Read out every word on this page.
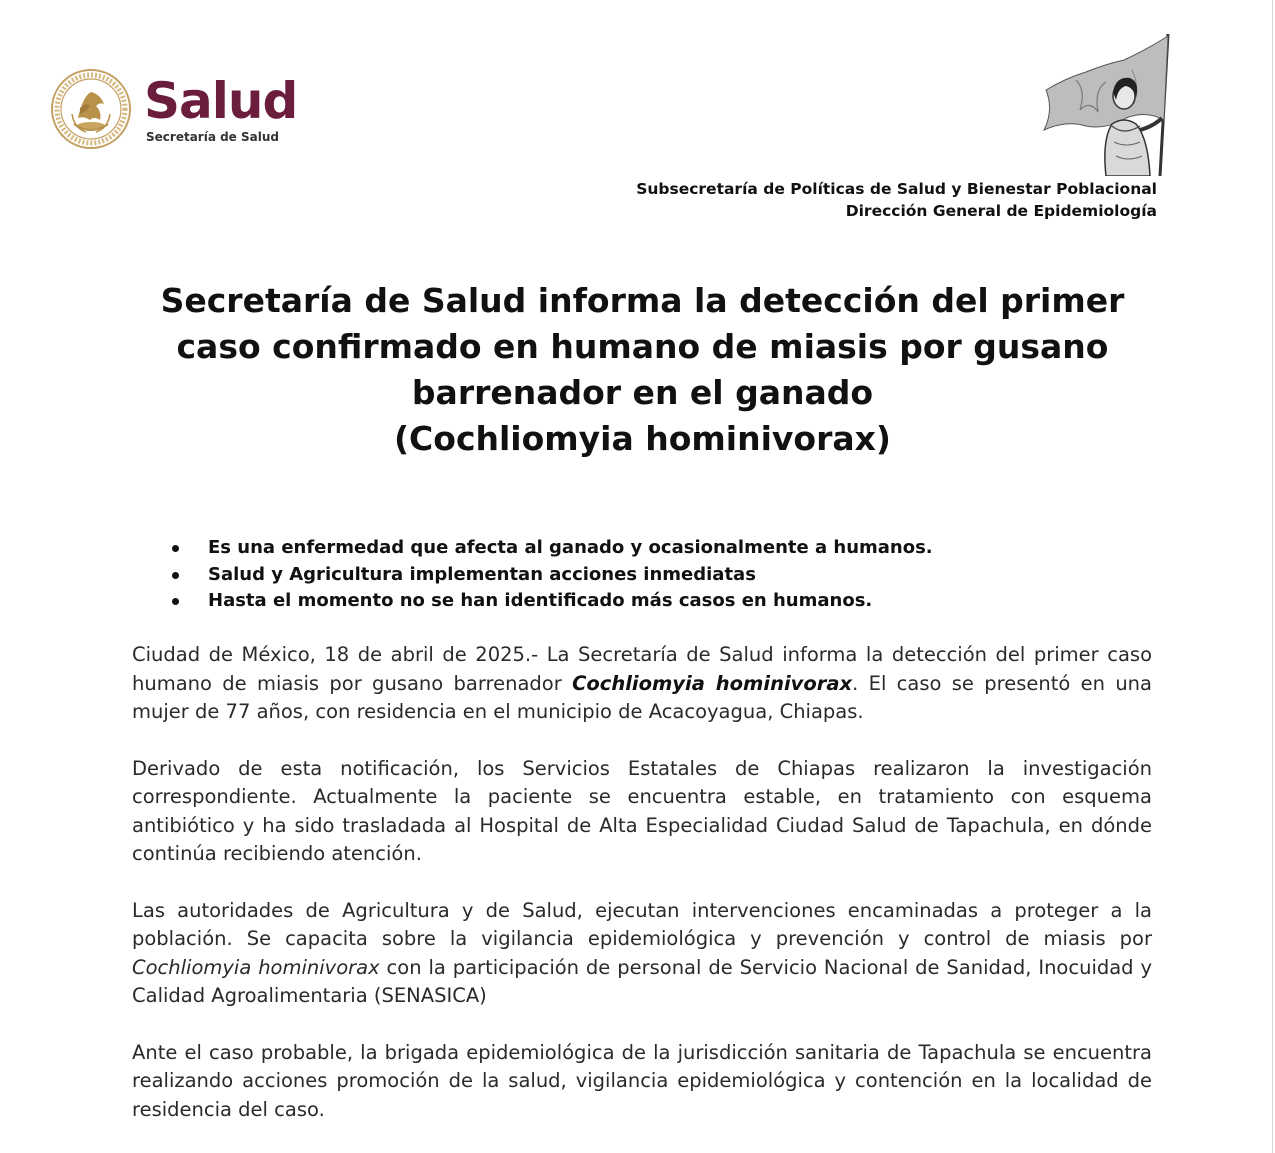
Salud
Secretaría de Salud
Subsecretaría de Políticas de Salud y Bienestar Poblacional
Dirección General de Epidemiología
Secretaría de Salud informa la detección del primer
caso confirmado en humano de miasis por gusano
barrenador en el ganado
(Cochliomyia hominivorax)
Es una enfermedad que afecta al ganado y ocasionalmente a humanos.
Salud y Agricultura implementan acciones inmediatas
Hasta el momento no se han identificado más casos en humanos.

Ciudad de México, 18 de abril de 2025.- La Secretaría de Salud informa la detección del primer caso humano de miasis por gusano barrenador Cochliomyia hominivorax. El caso se presentó en una mujer de 77 años, con residencia en el municipio de Acacoyagua, Chiapas.

Derivado de esta notificación, los Servicios Estatales de Chiapas realizaron la investigación correspondiente. Actualmente la paciente se encuentra estable, en tratamiento con esquema antibiótico y ha sido trasladada al Hospital de Alta Especialidad Ciudad Salud de Tapachula, en dónde continúa recibiendo atención.

Las autoridades de Agricultura y de Salud, ejecutan intervenciones encaminadas a proteger a la población. Se capacita sobre la vigilancia epidemiológica y prevención y control de miasis por Cochliomyia hominivorax con la participación de personal de Servicio Nacional de Sanidad, Inocuidad y Calidad Agroalimentaria (SENASICA)

Ante el caso probable, la brigada epidemiológica de la jurisdicción sanitaria de Tapachula se encuentra realizando acciones promoción de la salud, vigilancia epidemiológica y contención en la localidad de residencia del caso.
